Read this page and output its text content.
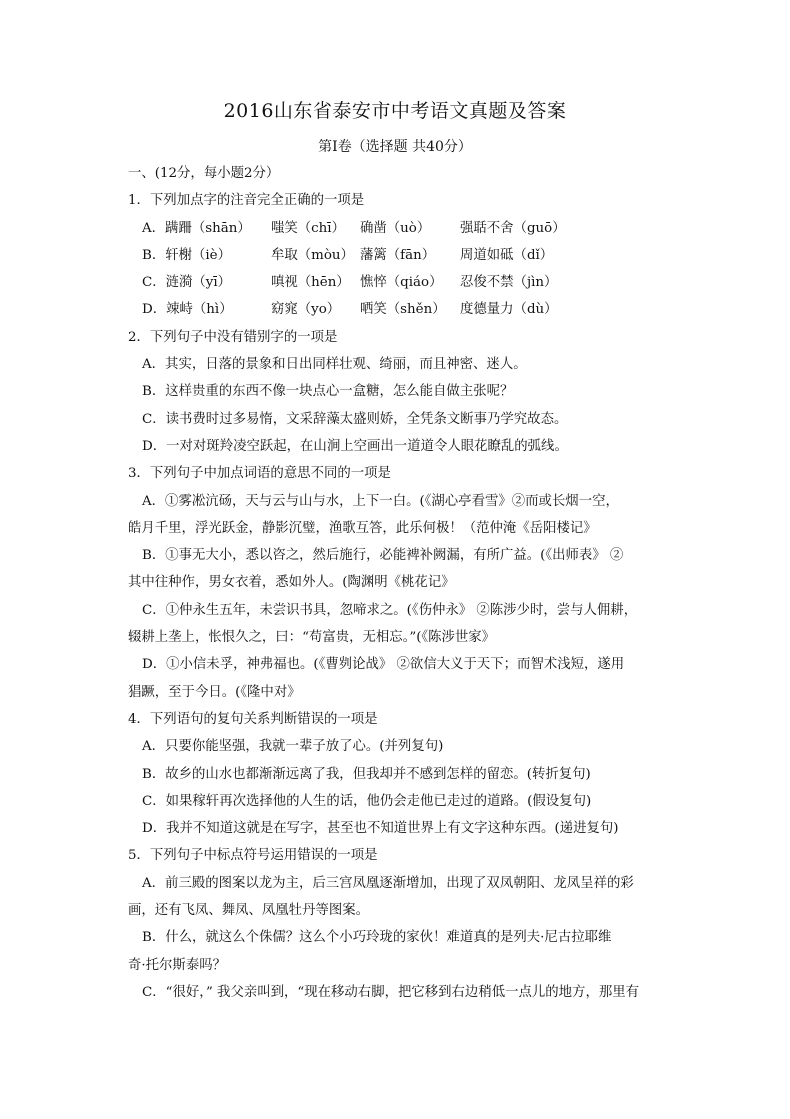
2016山东省泰安市中考语文真题及答案
第Ⅰ卷（选择题 共40分）
一、(12分，每小题2分）
1．下列加点字的注音完全正确的一项是
A．蹒跚（shān）	嗤笑（chī）	确凿（uò）	强聒不舍（guō）
B．轩榭（iè）	牟取（mòu） 藩篱（fān）	周道如砥（dǐ）
C．涟漪（yī）	嗔视（hēn） 憔悴（qiáo）	忍俊不禁（jìn）
D．竦峙（hì）	窈窕（yo）	哂笑（shěn）	度德量力（dù）
2．下列句子中没有错别字的一项是
A．其实，日落的景象和日出同样壮观、绮丽，而且神密、迷人。
B．这样贵重的东西不像一块点心一盒糖，怎么能自做主张呢？
C．读书费时过多易惰，文采辞藻太盛则娇，全凭条文断事乃学究故态。
D．一对对斑羚凌空跃起，在山涧上空画出一道道令人眼花瞭乱的弧线。
3．下列句子中加点词语的意思不同的一项是
A．①雾凇沆砀，天与云与山与水，上下一白。(《湖心亭看雪》②而或长烟一空，
皓月千里，浮光跃金，静影沉璧，渔歌互答，此乐何极！（范仲淹《岳阳楼记》
B．①事无大小，悉以咨之，然后施行，必能裨补阙漏，有所广益。(《出师表》 ②
其中往种作，男女衣着，悉如外人。(陶渊明《桃花记》
C．①仲永生五年，未尝识书具，忽啼求之。(《伤仲永》 ②陈涉少时，尝与人佣耕，
辍耕上垄上，怅恨久之，曰：“苟富贵，无相忘。”(《陈涉世家》
D．①小信未孚，神弗福也。(《曹刿论战》 ②欲信大义于天下；而智术浅短，遂用
猖蹶，至于今日。(《隆中对》
4．下列语句的复句关系判断错误的一项是
A．只要你能坚强，我就一辈子放了心。(并列复句)
B．故乡的山水也都渐渐远离了我，但我却并不感到怎样的留恋。(转折复句)
C．如果稼轩再次选择他的人生的话，他仍会走他已走过的道路。(假设复句)
D．我并不知道这就是在写字，甚至也不知道世界上有文字这种东西。(递进复句)
5．下列句子中标点符号运用错误的一项是
A．前三殿的图案以龙为主，后三宫凤凰逐渐增加，出现了双凤朝阳、龙凤呈祥的彩
画，还有飞凤、舞凤、凤凰牡丹等图案。
B．什么，就这么个侏儒？这么个小巧玲珑的家伙！难道真的是列夫·尼古拉耶维
奇·托尔斯泰吗？
C．“很好，” 我父亲叫到，“现在移动右脚，把它移到右边稍低一点儿的地方，那里有
